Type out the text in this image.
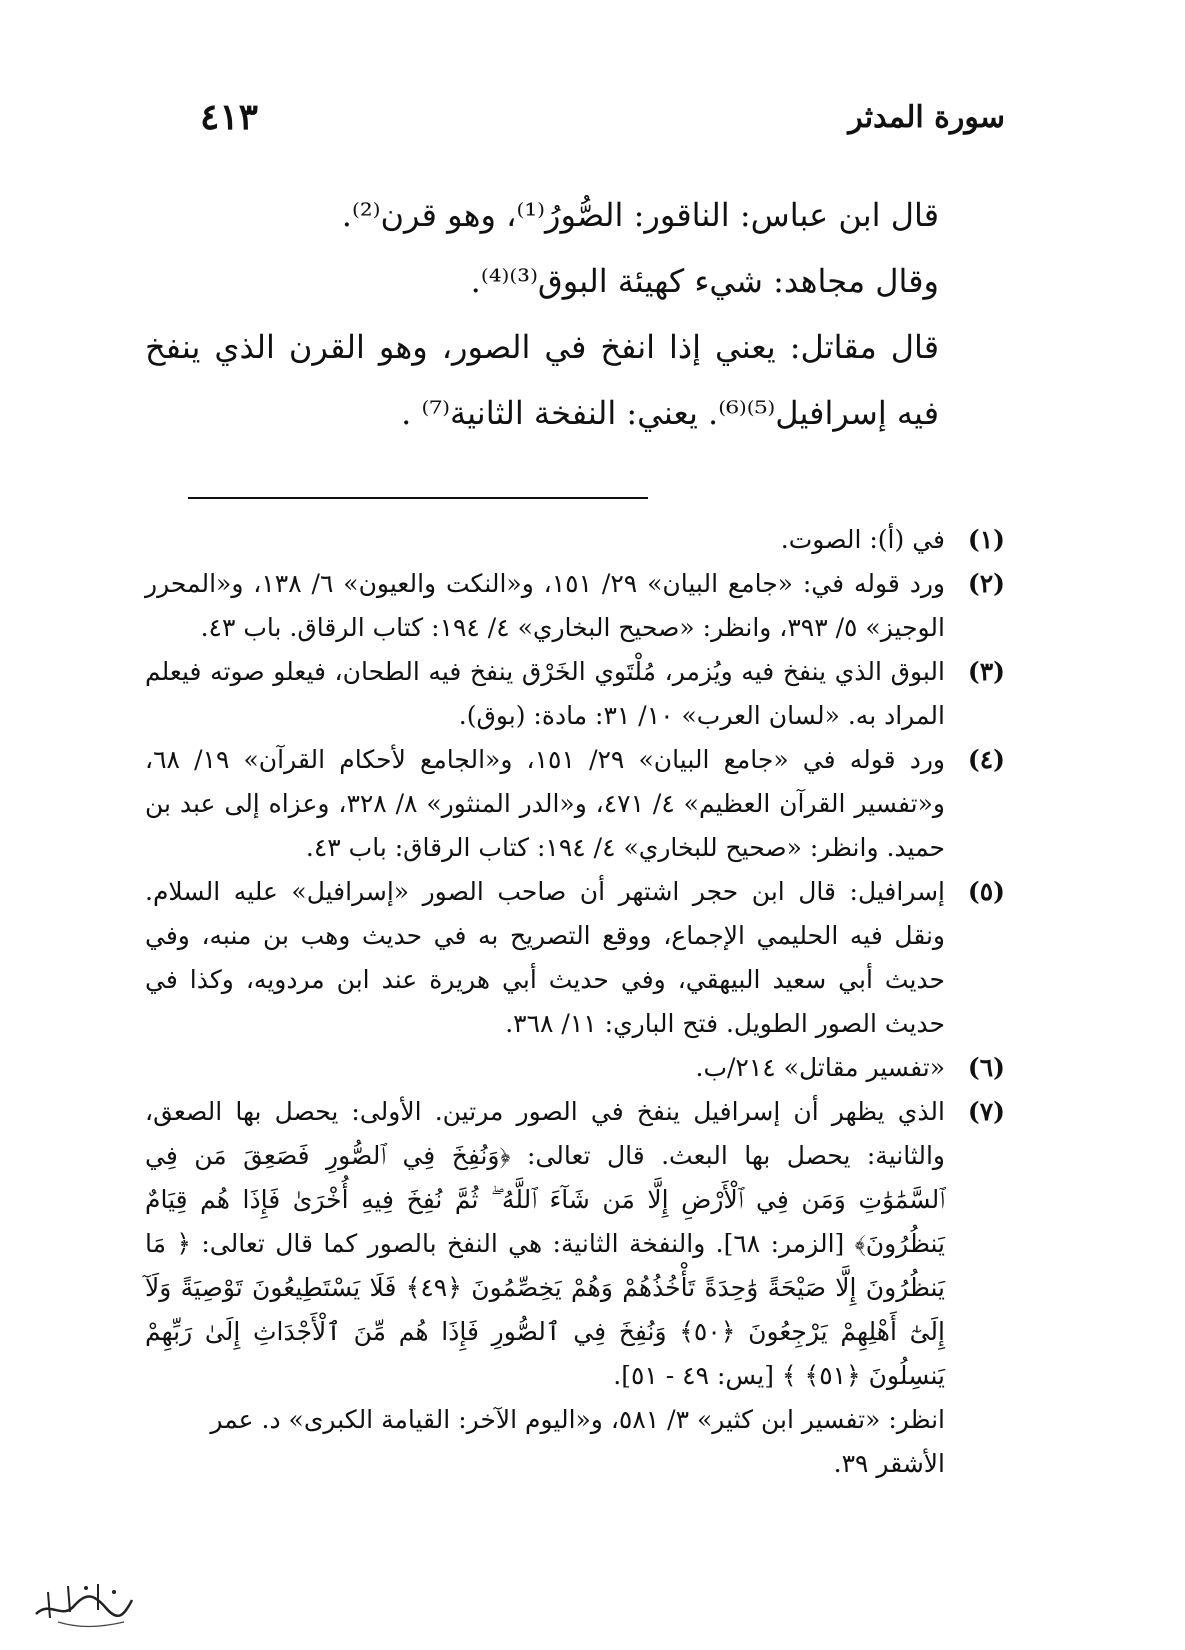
سورة المدثر
٤١٣

قال ابن عباس: الناقور: الصُّورُ⁽¹⁾، وهو قرن⁽²⁾.

وقال مجاهد: شيء كهيئة البوق⁽³⁾⁽⁴⁾.

قال مقاتل: يعني إذا انفخ في الصور، وهو القرن الذي ينفخ فيه إسرافيل⁽⁵⁾⁽⁶⁾. يعني: النفخة الثانية⁽⁷⁾ .

(١)
في (أ): الصوت.
(٢)
ورد قوله في: «جامع البيان» ٢٩/ ١٥١، و«النكت والعيون» ٦/ ١٣٨، و«المحرر الوجيز» ٥/ ٣٩٣، وانظر: «صحيح البخاري» ٤/ ١٩٤: كتاب الرقاق. باب ٤٣.
(٣)
البوق الذي ينفخ فيه ويُزمر، مُلْتَوي الخَرْق ينفخ فيه الطحان، فيعلو صوته فيعلم المراد به. «لسان العرب» ١٠/ ٣١: مادة: (بوق).
(٤)
ورد قوله في «جامع البيان» ٢٩/ ١٥١، و«الجامع لأحكام القرآن» ١٩/ ٦٨، و«تفسير القرآن العظيم» ٤/ ٤٧١، و«الدر المنثور» ٨/ ٣٢٨، وعزاه إلى عبد بن حميد. وانظر: «صحيح للبخاري» ٤/ ١٩٤: كتاب الرقاق: باب ٤٣.
(٥)
إسرافيل: قال ابن حجر اشتهر أن صاحب الصور «إسرافيل» عليه السلام. ونقل فيه الحليمي الإجماع، ووقع التصريح به في حديث وهب بن منبه، وفي حديث أبي سعيد البيهقي، وفي حديث أبي هريرة عند ابن مردويه، وكذا في حديث الصور الطويل. فتح الباري: ١١/ ٣٦٨.
(٦)
«تفسير مقاتل» ٢١٤/ب.
(٧)
الذي يظهر أن إسرافيل ينفخ في الصور مرتين. الأولى: يحصل بها الصعق، والثانية: يحصل بها البعث. قال تعالى: ﴿وَنُفِخَ فِي ٱلصُّورِ فَصَعِقَ مَن فِي ٱلسَّمَٰوَٰتِ وَمَن فِي ٱلْأَرْضِ إِلَّا مَن شَآءَ ٱللَّهُ ۖ ثُمَّ نُفِخَ فِيهِ أُخْرَىٰ فَإِذَا هُم قِيَامٌ يَنظُرُونَ﴾ [الزمر: ٦٨]. والنفخة الثانية: هي النفخ بالصور كما قال تعالى: ﴿ مَا يَنظُرُونَ إِلَّا صَيْحَةً وَٰحِدَةً تَأْخُذُهُمْ وَهُمْ يَخِصِّمُونَ ﴿٤٩﴾ فَلَا يَسْتَطِيعُونَ تَوْصِيَةً وَلَآ إِلَىٰٓ أَهْلِهِمْ يَرْجِعُونَ ﴿٥٠﴾ وَنُفِخَ فِي ٱلصُّورِ فَإِذَا هُم مِّنَ ٱلْأَجْدَاثِ إِلَىٰ رَبِّهِمْ يَنسِلُونَ ﴿٥١﴾ ﴾ [يس: ٤٩ - ٥١].
انظر: «تفسير ابن كثير» ٣/ ٥٨١، و«اليوم الآخر: القيامة الكبرى» د. عمر الأشقر ٣٩.
